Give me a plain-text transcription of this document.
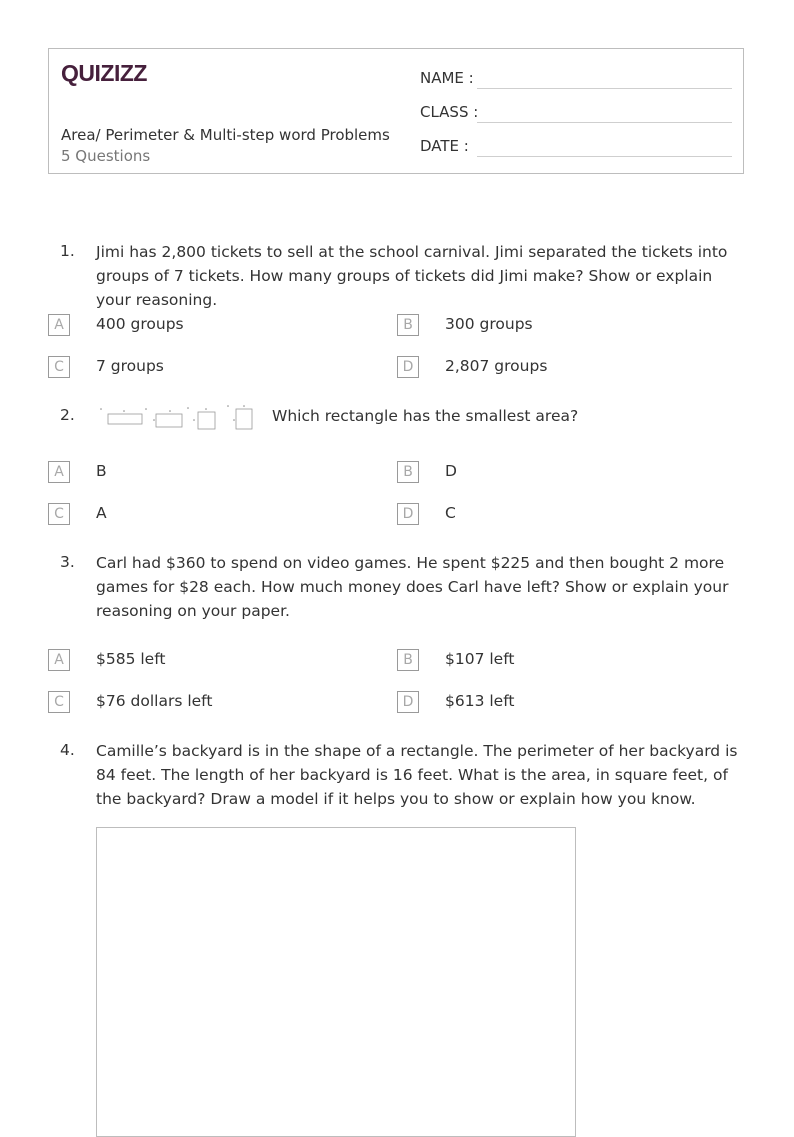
QUIZIZZ
Area/ Perimeter & Multi-step word Problems
5 Questions
NAME :
CLASS :
DATE :
1. Jimi has 2,800 tickets to sell at the school carnival. Jimi separated the tickets into groups of 7 tickets. How many groups of tickets did Jimi make? Show or explain your reasoning.
A	400 groups	B	300 groups
C	7 groups	D	2,807 groups
2.	Which rectangle has the smallest area?
A	B	B	D
C	A	D	C
3. Carl had $360 to spend on video games. He spent $225 and then bought 2 more games for $28 each. How much money does Carl have left? Show or explain your reasoning on your paper.
A	$585 left	B	$107 left
C	$76 dollars left	D	$613 left
4. Camille’s backyard is in the shape of a rectangle. The perimeter of her backyard is 84 feet. The length of her backyard is 16 feet. What is the area, in square feet, of the backyard? Draw a model if it helps you to show or explain how you know.
